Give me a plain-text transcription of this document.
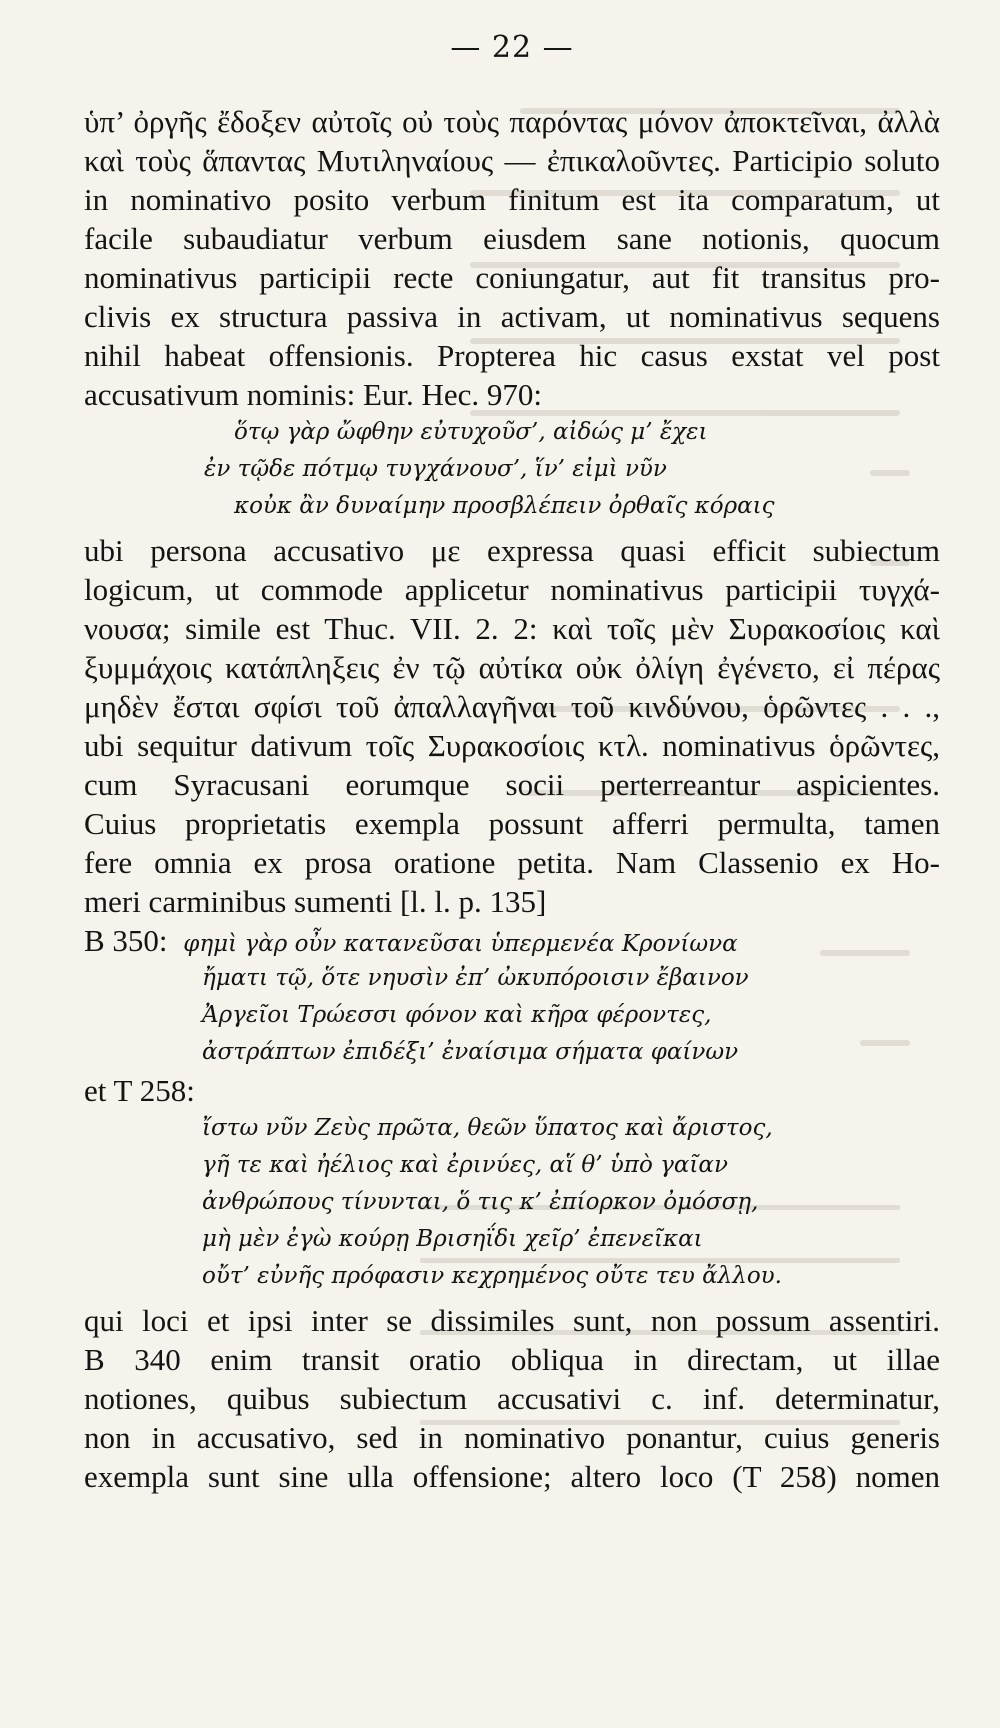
— 22 —
ὑπ’ ὀργῆς ἔδοξεν αὐτοῖς οὐ τοὺς παρόντας μόνον ἀποκτεῖναι, ἀλλὰ
καὶ τοὺς ἅπαντας Μυτιληναίους — ἐπικαλοῦντες. Participio soluto
in nominativo posito verbum finitum est ita comparatum, ut
facile subaudiatur verbum eiusdem sane notionis, quocum
nominativus participii recte coniungatur, aut fit transitus pro-
clivis ex structura passiva in activam, ut nominativus sequens
nihil habeat offensionis. Propterea hic casus exstat vel post
accusativum nominis: Eur. Hec. 970:
ὅτῳ γὰρ ὤφθην εὐτυχοῦσ’, αἰδώς μ’ ἔχει
ἐν τῷδε πότμῳ τυγχάνουσ’, ἵν’ εἰμὶ νῦν
κοὐκ ἂν δυναίμην προσβλέπειν ὀρθαῖς κόραις
ubi persona accusativo με expressa quasi efficit subiectum
logicum, ut commode applicetur nominativus participii τυγχά-
νουσα; simile est Thuc. VII. 2. 2: καὶ τοῖς μὲν Συρακοσίοις καὶ
ξυμμάχοις κατάπληξεις ἐν τῷ αὐτίκα οὐκ ὀλίγη ἐγένετο, εἰ πέρας
μηδὲν ἔσται σφίσι τοῦ ἀπαλλαγῆναι τοῦ κινδύνου, ὁρῶντες . . .,
ubi sequitur dativum τοῖς Συρακοσίοις κτλ. nominativus ὁρῶντες,
cum Syracusani eorumque socii perterreantur aspicientes.
Cuius proprietatis exempla possunt afferri permulta, tamen
fere omnia ex prosa oratione petita. Nam Classenio ex Ho-
meri carminibus sumenti [l. l. p. 135]
B 350: φημὶ γὰρ οὖν κατανεῦσαι ὑπερμενέα Κρονίωνα
ἤματι τῷ, ὅτε νηυσὶν ἐπ’ ὠκυπόροισιν ἔβαινον
Ἀργεῖοι Τρώεσσι φόνον καὶ κῆρα φέροντες,
ἀστράπτων ἐπιδέξι’ ἐναίσιμα σήματα φαίνων
et T 258:
ἴστω νῦν Ζεὺς πρῶτα, θεῶν ὕπατος καὶ ἄριστος,
γῆ τε καὶ ἠέλιος καὶ ἐρινύες, αἵ θ’ ὑπὸ γαῖαν
ἀνθρώπους τίνυνται, ὅ τις κ’ ἐπίορκον ὀμόσσῃ,
μὴ μὲν ἐγὼ κούρῃ Βρισηΐδι χεῖρ’ ἐπενεῖκαι
οὔτ’ εὐνῆς πρόφασιν κεχρημένος οὔτε τευ ἄλλου.
qui loci et ipsi inter se dissimiles sunt, non possum assentiri.
B 340 enim transit oratio obliqua in directam, ut illae
notiones, quibus subiectum accusativi c. inf. determinatur,
non in accusativo, sed in nominativo ponantur, cuius generis
exempla sunt sine ulla offensione; altero loco (T 258) nomen
